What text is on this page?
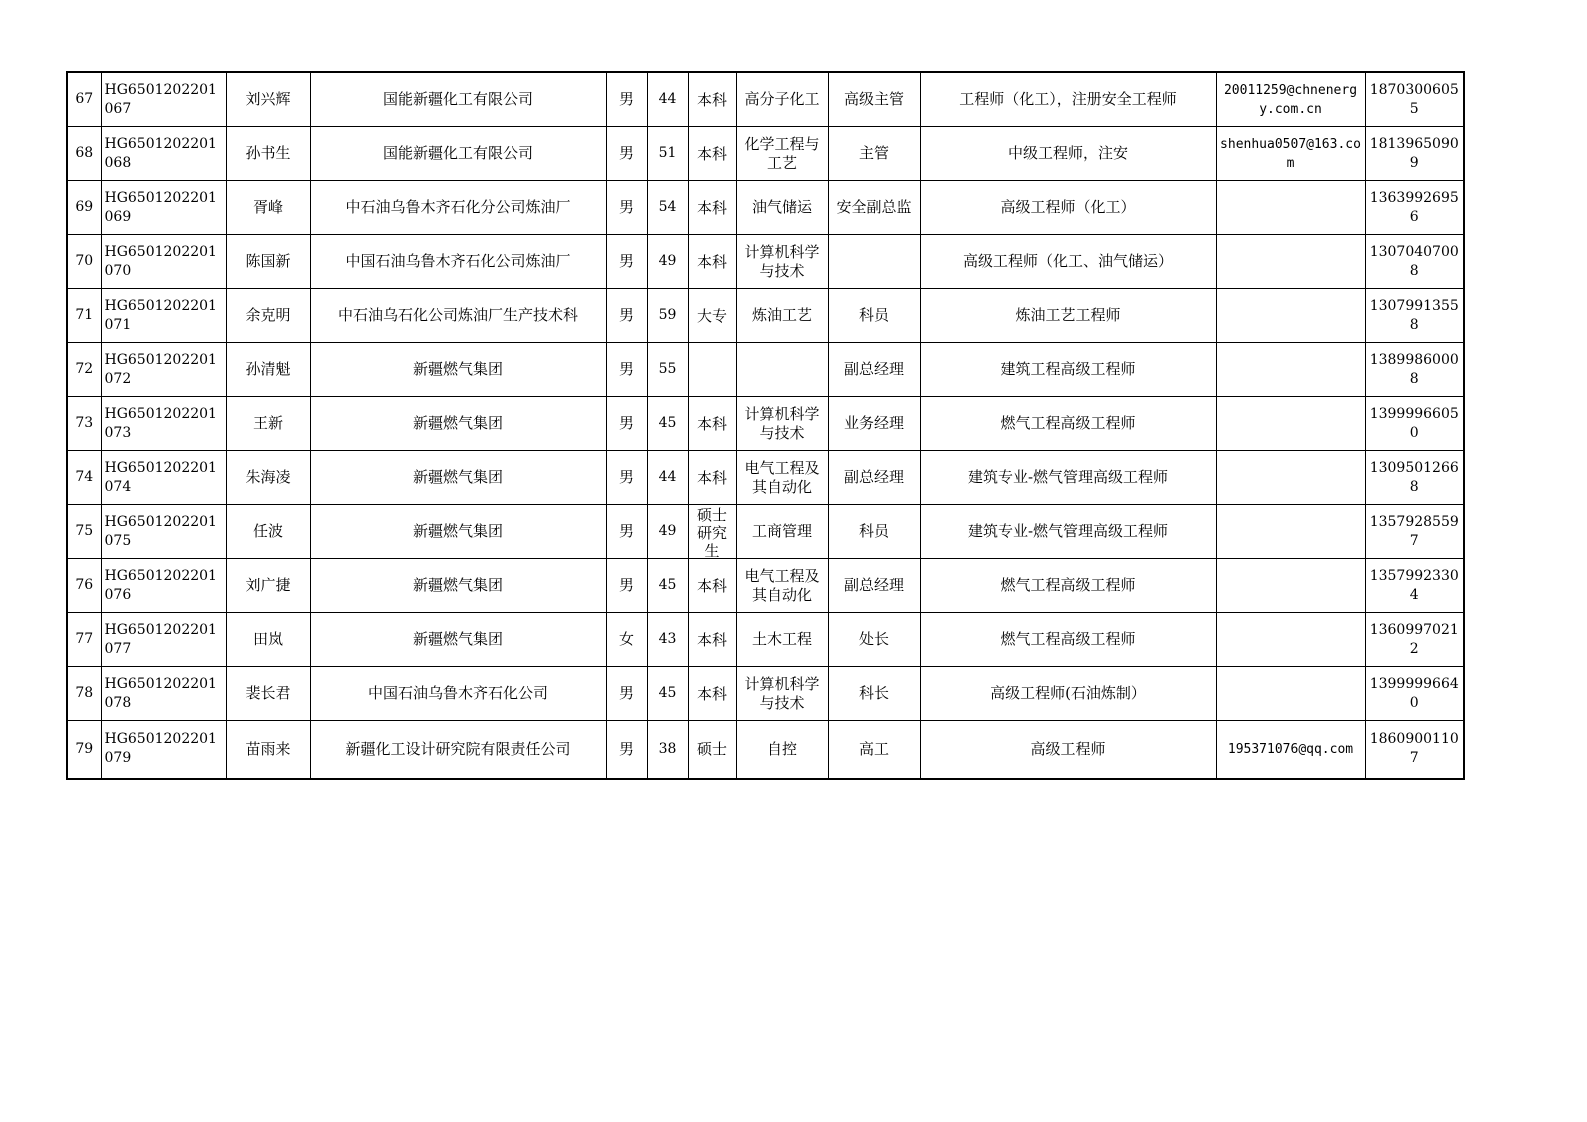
67	HG6501202201067	刘兴辉	国能新疆化工有限公司	男	44	本科	高分子化工	高级主管	工程师（化工），注册安全工程师	20011259@chnenergy.com.cn	18703006055
68	HG6501202201068	孙书生	国能新疆化工有限公司	男	51	本科	化学工程与工艺	主管	中级工程师，注安	shenhua0507@163.com	18139650909
69	HG6501202201069	胥峰	中石油乌鲁木齐石化分公司炼油厂	男	54	本科	油气储运	安全副总监	高级工程师（化工）		13639926956
70	HG6501202201070	陈国新	中国石油乌鲁木齐石化公司炼油厂	男	49	本科	计算机科学与技术		高级工程师（化工、油气储运）		13070407008
71	HG6501202201071	余克明	中石油乌石化公司炼油厂生产技术科	男	59	大专	炼油工艺	科员	炼油工艺工程师		13079913558
72	HG6501202201072	孙清魁	新疆燃气集团	男	55			副总经理	建筑工程高级工程师		13899860008
73	HG6501202201073	王新	新疆燃气集团	男	45	本科	计算机科学与技术	业务经理	燃气工程高级工程师		13999966050
74	HG6501202201074	朱海凌	新疆燃气集团	男	44	本科	电气工程及其自动化	副总经理	建筑专业-燃气管理高级工程师		13095012668
75	HG6501202201075	任波	新疆燃气集团	男	49	硕士研究生	工商管理	科员	建筑专业-燃气管理高级工程师		13579285597
76	HG6501202201076	刘广捷	新疆燃气集团	男	45	本科	电气工程及其自动化	副总经理	燃气工程高级工程师		13579923304
77	HG6501202201077	田岚	新疆燃气集团	女	43	本科	土木工程	处长	燃气工程高级工程师		13609970212
78	HG6501202201078	裴长君	中国石油乌鲁木齐石化公司	男	45	本科	计算机科学与技术	科长	高级工程师(石油炼制）		13999996640
79	HG6501202201079	苗雨来	新疆化工设计研究院有限责任公司	男	38	硕士	自控	高工	高级工程师	195371076@qq.com	18609001107
